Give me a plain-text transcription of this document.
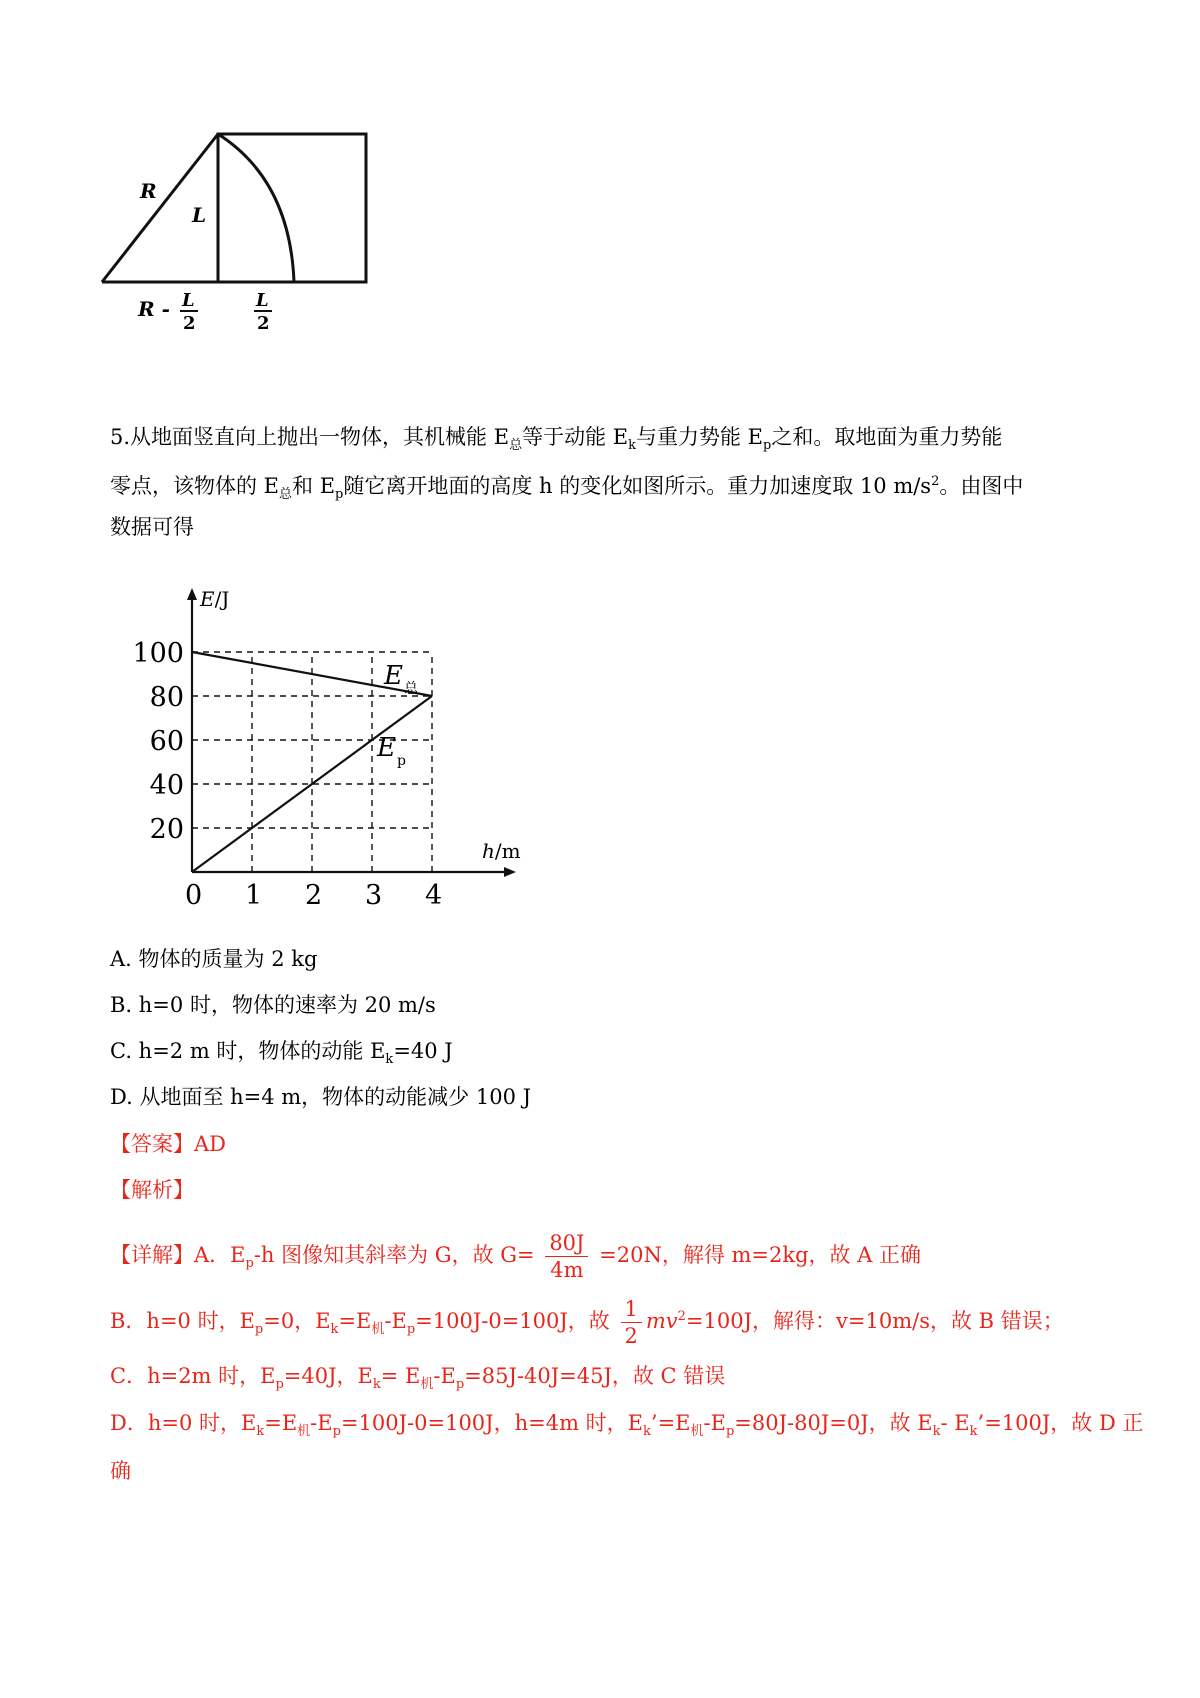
R
L
R - L
2
L
2
5.从地面竖直向上抛出一物体，其机械能 $E_总$等于动能 $E_k$与重力势能 $E_p$之和。取地面为重力势能
零点，该物体的 $E_总$和 $E_p$随它离开地面的高度 h 的变化如图所示。重力加速度取 10 $m/s^2$。由图中
数据可得
0 1 2 3 4
20
40
60
80
100
E/J
h/m
E 总
E p
A. 物体的质量为 2 kg
B. h=0 时，物体的速率为 20 m/s
C. h=2 m 时，物体的动能 $E_k=40$ J
D. 从地面至 h=4 m，物体的动能减少 100 J
【答案】AD
【解析】
【详解】A．$E_p-h$ 图像知其斜率为 G，故 $G= \frac{80J}{4m} =20N$，解得 m=2kg，故 A 正确
B．h=0 时，$E_p=0$，$E_k=E_机-E_p=100J-0=100J$，故 $\frac{1}{2} mv^2=100J$，解得：v=10m/s，故 B 错误；
C．h=2m 时，$E_p=40J$，$E_k= E_机-E_p=85J-40J=45J$，故 C 错误
D．h=0 时，$E_k=E_机-E_p=100J-0=100J$，h=4m 时，$E_k’=E_机-E_p=80J-80J=0J$，故 $E_k-$ $E_k’=100J$，故 D 正
确
